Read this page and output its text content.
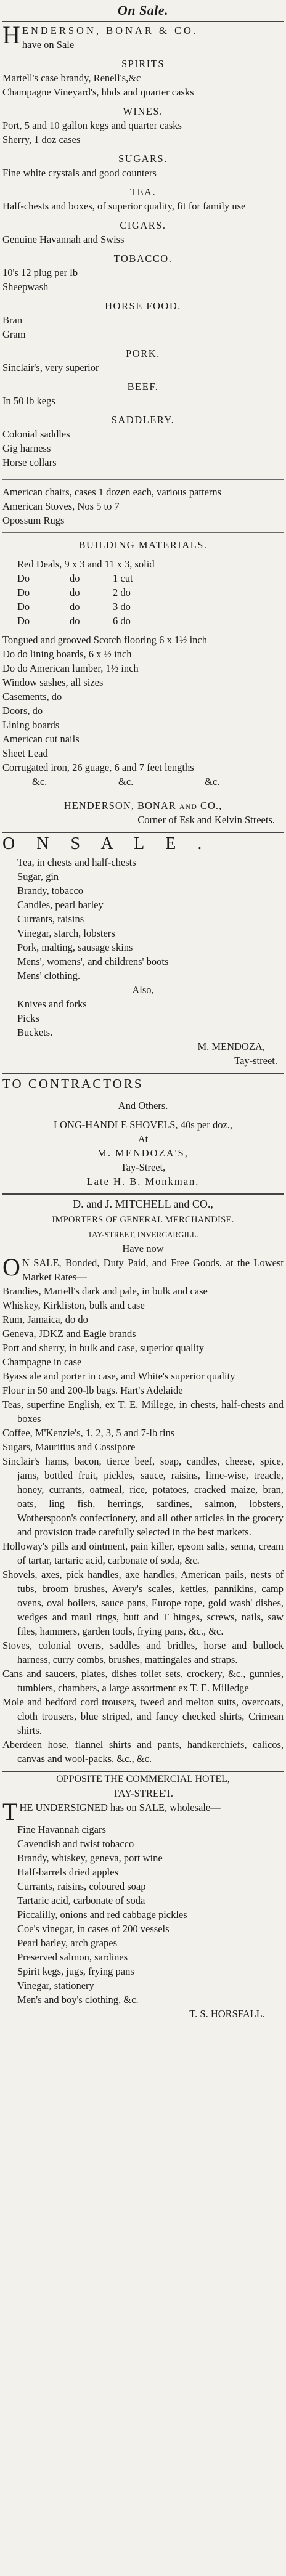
On Sale.
H ENDERSON, BONAR & CO.
have on Sale
SPIRITS
Martell's case brandy, Renell's,&c
Champagne Vineyard's, hhds and quarter casks
WINES.
Port, 5 and 10 gallon kegs and quarter casks
Sherry, 1 doz cases
SUGARS.
Fine white crystals and good counters
TEA.
Half-chests and boxes, of superior quality, fit for family use
CIGARS.
Genuine Havannah and Swiss
TOBACCO.
10's 12 plug per lb
Sheepwash
HORSE FOOD.
Bran
Gram
PORK.
Sinclair's, very superior
BEEF.
In 50 lb kegs
SADDLERY.
Colonial saddles
Gig harness
Horse collars
American chairs, cases 1 dozen each, various patterns
American Stoves, Nos 5 to 7
Opossum Rugs
BUILDING MATERIALS.
Red Deals, 9 x 3 and 11 x 3, solid
Do	do	1 cut
Do	do	2 do
Do	do	3 do
Do	do	6 do
Tongued and grooved Scotch flooring 6 x 1½ inch
Do do lining boards, 6 x ½ inch
Do do American lumber, 1½ inch
Window sashes, all sizes
Casements, do
Doors, do
Lining boards
American cut nails
Sheet Lead
Corrugated iron, 26 guage, 6 and 7 feet lengths
&c.	&c.	&c.
HENDERSON, BONAR and CO.,
Corner of Esk and Kelvin Streets.
O N S A L E .
Tea, in chests and half-chests
Sugar, gin
Brandy, tobacco
Candles, pearl barley
Currants, raisins
Vinegar, starch, lobsters
Pork, malting, sausage skins
Mens', womens', and childrens' boots
Mens' clothing.
Also,
Knives and forks
Picks
Buckets.
M. MENDOZA,
Tay-street.
TO CONTRACTORS
And Others.
LONG-HANDLE SHOVELS, 40s per doz.,
At
M. MENDOZA'S,
Tay-Street,
Late H. B. Monkman.
D. and J. MITCHELL and CO.,
IMPORTERS OF GENERAL MERCHANDISE.
TAY-STREET, INVERCARGILL.
Have now
O N SALE, Bonded, Duty Paid, and Free Goods, at the Lowest Market Rates—
Brandies, Martell's dark and pale, in bulk and case
Whiskey, Kirkliston, bulk and case
Rum, Jamaica, do do
Geneva, JDKZ and Eagle brands
Port and sherry, in bulk and case, superior quality
Champagne in case
Byass ale and porter in case, and White's superior quality
Flour in 50 and 200-lb bags. Hart's Adelaide
Teas, superfine English, ex T. E. Millege, in chests, half-chests and boxes
Coffee, M'Kenzie's, 1, 2, 3, 5 and 7-lb tins
Sugars, Mauritius and Cossipore
Sinclair's hams, bacon, tierce beef, soap, candles, cheese, spice, jams, bottled fruit, pickles, sauce, raisins, lime-wise, treacle, honey, currants, oatmeal, rice, potatoes, cracked maize, bran, oats, ling fish, herrings, sardines, salmon, lobsters, Wotherspoon's confectionery, and all other articles in the grocery and provision trade carefully selected in the best markets.
Holloway's pills and ointment, pain killer, epsom salts, senna, cream of tartar, tartaric acid, carbonate of soda, &c.
Shovels, axes, pick handles, axe handles, American pails, nests of tubs, broom brushes, Avery's scales, kettles, pannikins, camp ovens, oval boilers, sauce pans, Europe rope, gold wash' dishes, wedges and maul rings, butt and T hinges, screws, nails, saw files, hammers, garden tools, frying pans, &c., &c.
Stoves, colonial ovens, saddles and bridles, horse and bullock harness, curry combs, brushes, mattingales and straps.
Cans and saucers, plates, dishes toilet sets, crockery, &c., gunnies, tumblers, chambers, a large assortment ex T. E. Milledge
Mole and bedford cord trousers, tweed and melton suits, overcoats, cloth trousers, blue striped, and fancy checked shirts, Crimean shirts.
Aberdeen hose, flannel shirts and pants, handkerchiefs, calicos, canvas and wool-packs, &c., &c.
OPPOSITE THE COMMERCIAL HOTEL,
TAY-STREET.
T HE UNDERSIGNED has on SALE, wholesale—
Fine Havannah cigars
Cavendish and twist tobacco
Brandy, whiskey, geneva, port wine
Half-barrels dried apples
Currants, raisins, coloured soap
Tartaric acid, carbonate of soda
Piccalilly, onions and red cabbage pickles
Coe's vinegar, in cases of 200 vessels
Pearl barley, arch grapes
Preserved salmon, sardines
Spirit kegs, jugs, frying pans
Vinegar, stationery
Men's and boy's clothing, &c.
T. S. HORSFALL.
